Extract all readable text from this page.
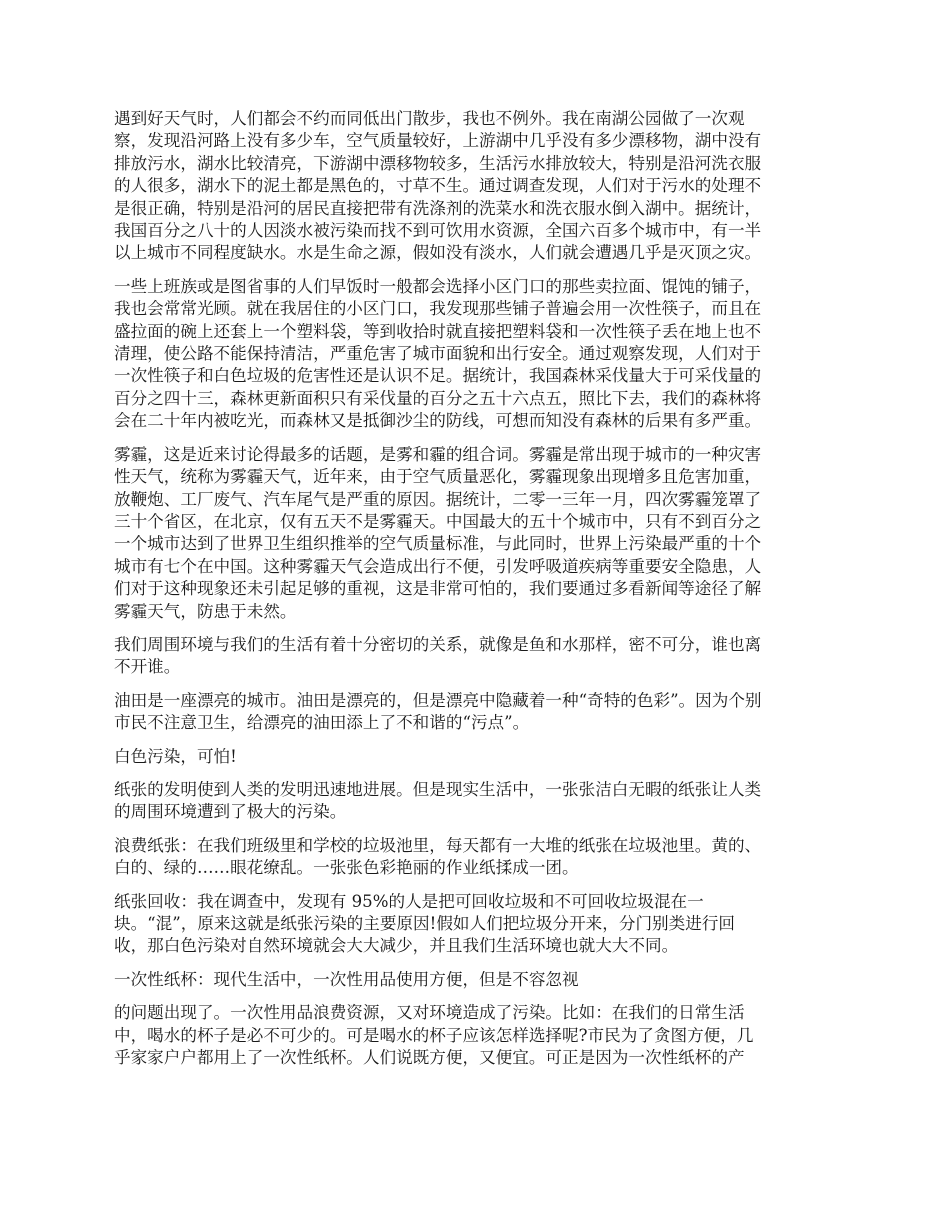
遇到好天气时，人们都会不约而同低出门散步，我也不例外。我在南湖公园做了一次观
察，发现沿河路上没有多少车，空气质量较好，上游湖中几乎没有多少漂移物，湖中没有
排放污水，湖水比较清亮，下游湖中漂移物较多，生活污水排放较大，特别是沿河洗衣服
的人很多，湖水下的泥土都是黑色的，寸草不生。通过调查发现，人们对于污水的处理不
是很正确，特别是沿河的居民直接把带有洗涤剂的洗菜水和洗衣服水倒入湖中。据统计，
我国百分之八十的人因淡水被污染而找不到可饮用水资源，全国六百多个城市中，有一半
以上城市不同程度缺水。水是生命之源，假如没有淡水，人们就会遭遇几乎是灭顶之灾。

一些上班族或是图省事的人们早饭时一般都会选择小区门口的那些卖拉面、馄饨的铺子，
我也会常常光顾。就在我居住的小区门口，我发现那些铺子普遍会用一次性筷子，而且在
盛拉面的碗上还套上一个塑料袋，等到收拾时就直接把塑料袋和一次性筷子丢在地上也不
清理，使公路不能保持清洁，严重危害了城市面貌和出行安全。通过观察发现，人们对于
一次性筷子和白色垃圾的危害性还是认识不足。据统计，我国森林采伐量大于可采伐量的
百分之四十三，森林更新面积只有采伐量的百分之五十六点五，照比下去，我们的森林将
会在二十年内被吃光，而森林又是抵御沙尘的防线，可想而知没有森林的后果有多严重。

雾霾，这是近来讨论得最多的话题，是雾和霾的组合词。雾霾是常出现于城市的一种灾害
性天气，统称为雾霾天气，近年来，由于空气质量恶化，雾霾现象出现增多且危害加重，
放鞭炮、工厂废气、汽车尾气是严重的原因。据统计，二零一三年一月，四次雾霾笼罩了
三十个省区，在北京，仅有五天不是雾霾天。中国最大的五十个城市中，只有不到百分之
一个城市达到了世界卫生组织推举的空气质量标准，与此同时，世界上污染最严重的十个
城市有七个在中国。这种雾霾天气会造成出行不便，引发呼吸道疾病等重要安全隐患，人
们对于这种现象还未引起足够的重视，这是非常可怕的，我们要通过多看新闻等途径了解
雾霾天气，防患于未然。

我们周围环境与我们的生活有着十分密切的关系，就像是鱼和水那样，密不可分，谁也离
不开谁。

油田是一座漂亮的城市。油田是漂亮的，但是漂亮中隐藏着一种“奇特的色彩”。因为个别
市民不注意卫生，给漂亮的油田添上了不和谐的“污点”。

白色污染，可怕!

纸张的发明使到人类的发明迅速地进展。但是现实生活中，一张张洁白无暇的纸张让人类
的周围环境遭到了极大的污染。

浪费纸张：在我们班级里和学校的垃圾池里，每天都有一大堆的纸张在垃圾池里。黄的、
白的、绿的……眼花缭乱。一张张色彩艳丽的作业纸揉成一团。

纸张回收：我在调查中，发现有 95%的人是把可回收垃圾和不可回收垃圾混在一
块。“混”，原来这就是纸张污染的主要原因!假如人们把垃圾分开来，分门别类进行回
收，那白色污染对自然环境就会大大减少，并且我们生活环境也就大大不同。

一次性纸杯：现代生活中，一次性用品使用方便，但是不容忽视

的问题出现了。一次性用品浪费资源，又对环境造成了污染。比如：在我们的日常生活
中，喝水的杯子是必不可少的。可是喝水的杯子应该怎样选择呢?市民为了贪图方便，几
乎家家户户都用上了一次性纸杯。人们说既方便，又便宜。可正是因为一次性纸杯的产
